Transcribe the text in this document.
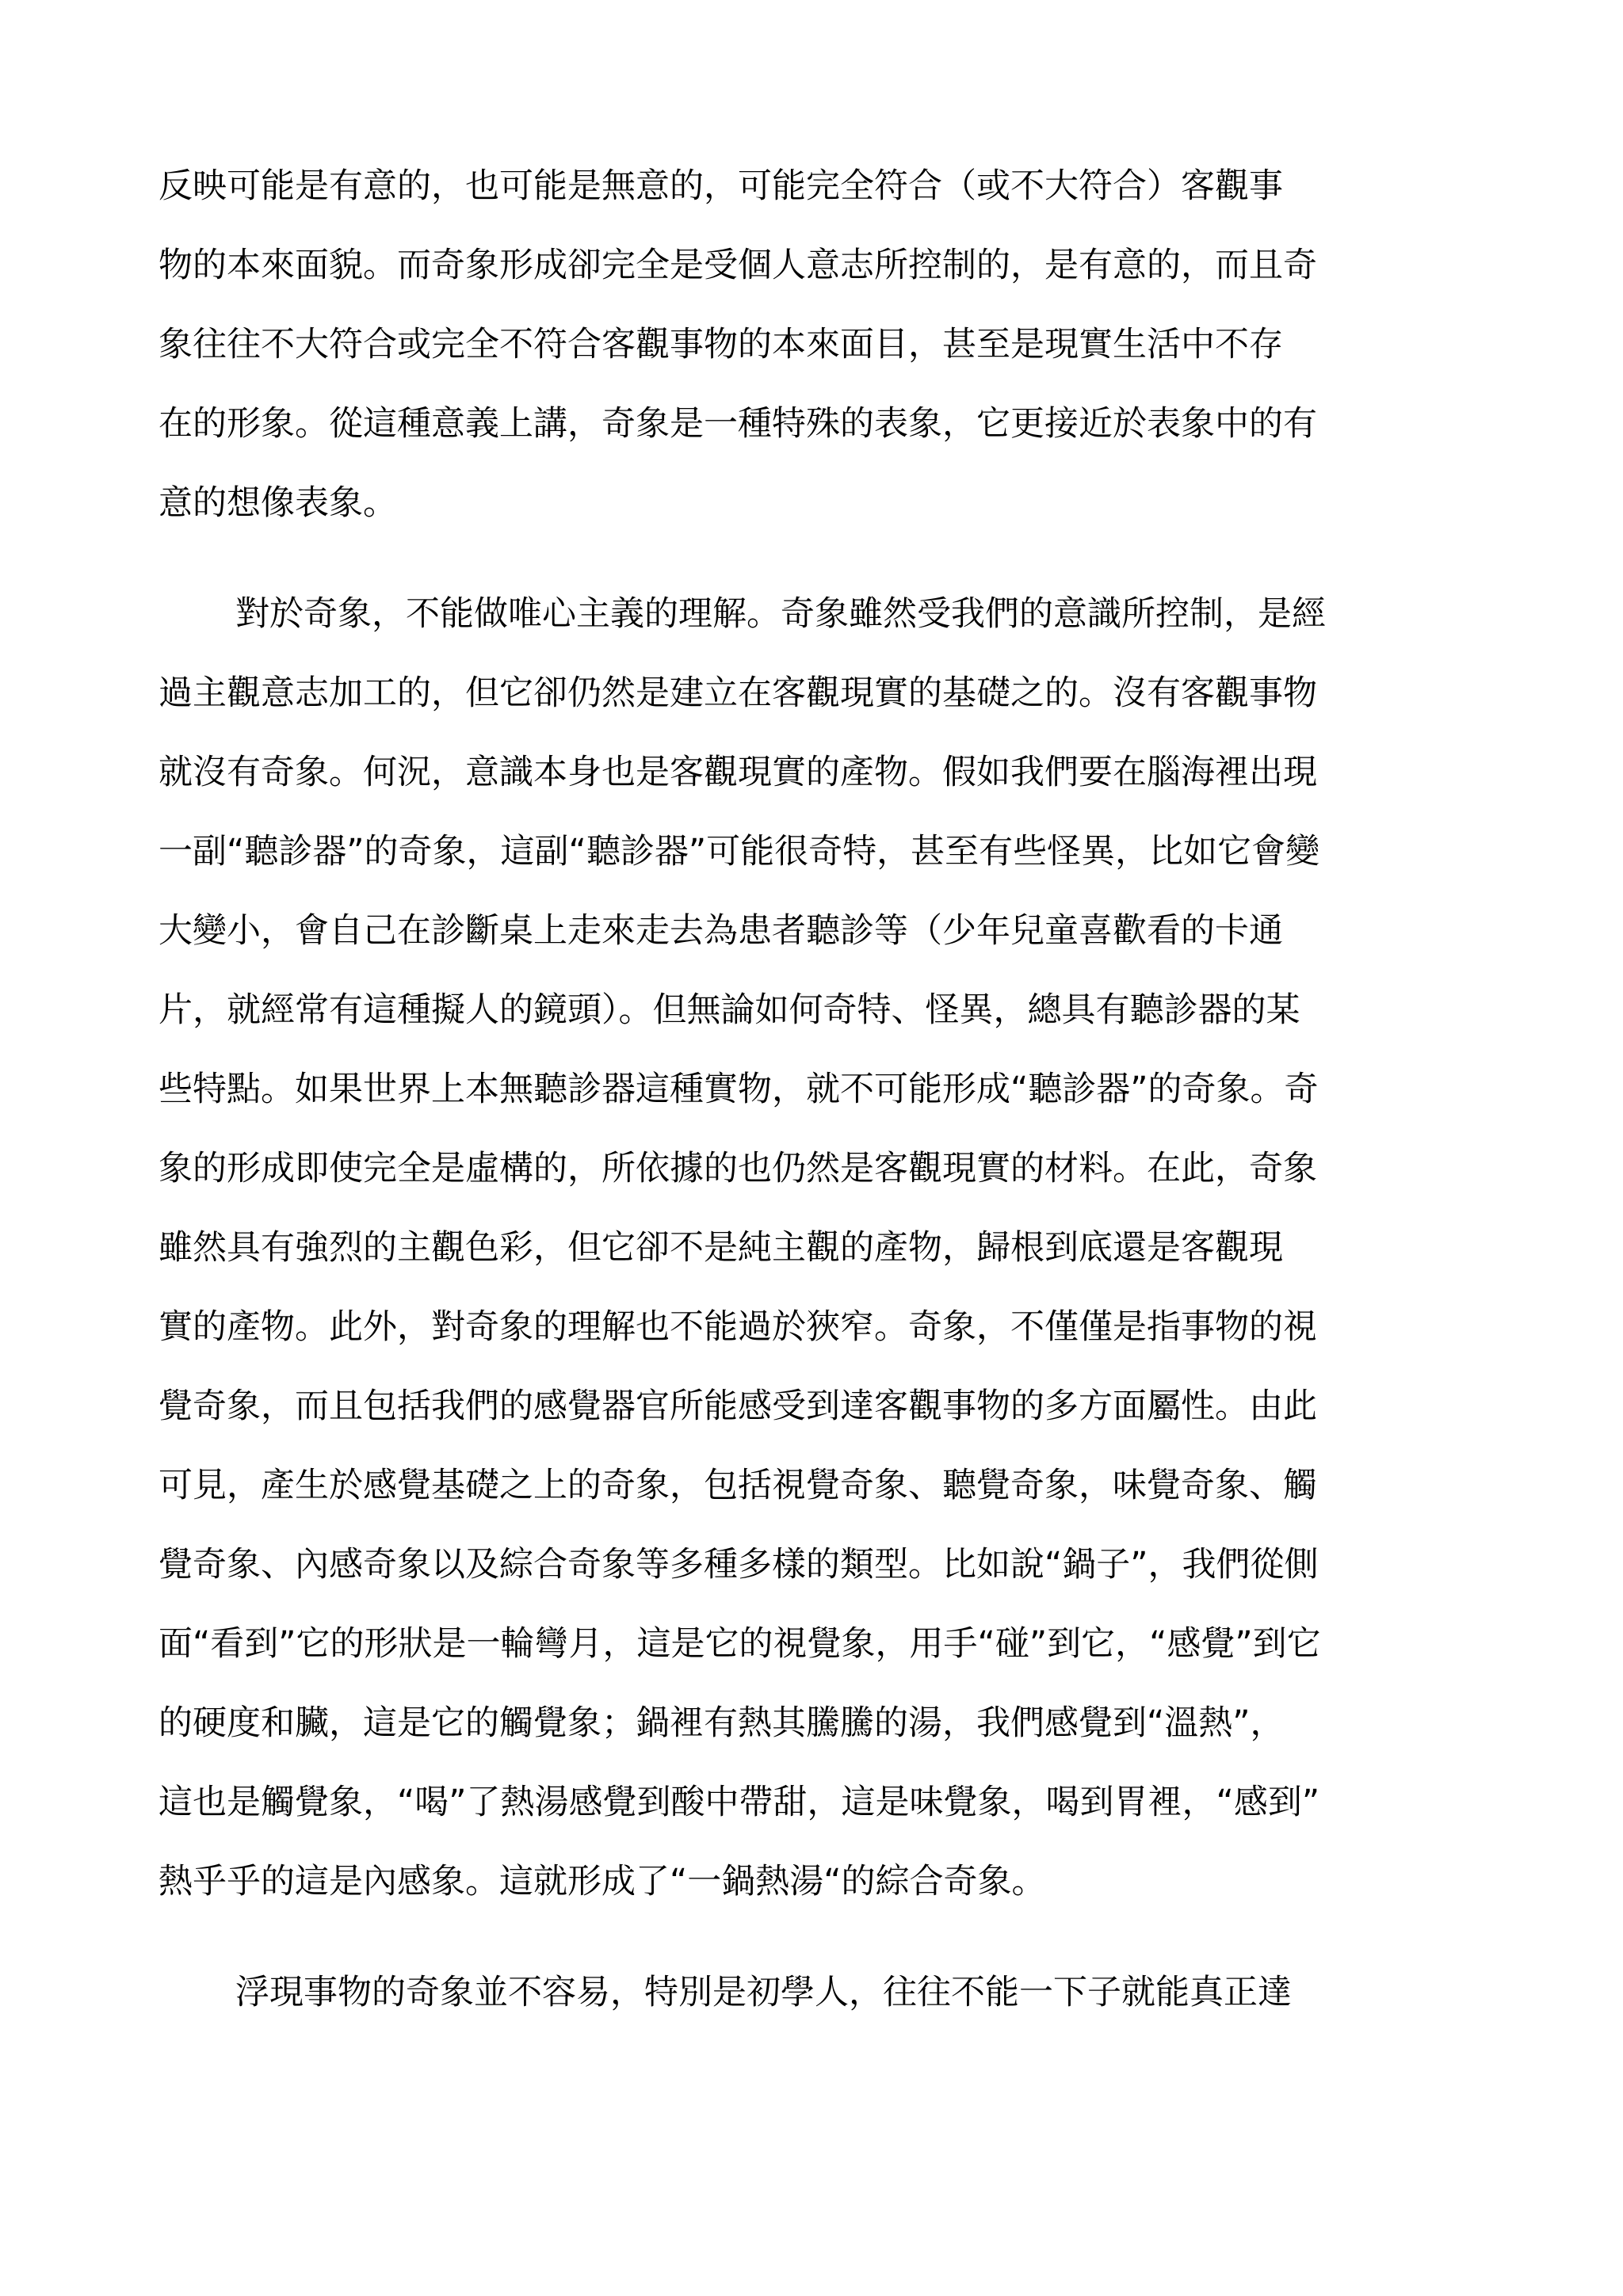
反映可能是有意的，也可能是無意的，可能完全符合（或不大符合）客觀事
物的本來面貌。而奇象形成卻完全是受個人意志所控制的，是有意的，而且奇
象往往不大符合或完全不符合客觀事物的本來面目，甚至是現實生活中不存
在的形象。從這種意義上講，奇象是一種特殊的表象，它更接近於表象中的有
意的想像表象。
對於奇象，不能做唯心主義的理解。奇象雖然受我們的意識所控制，是經
過主觀意志加工的，但它卻仍然是建立在客觀現實的基礎之的。沒有客觀事物
就沒有奇象。何況，意識本身也是客觀現實的產物。假如我們要在腦海裡出現
一副“聽診器”的奇象，這副“聽診器”可能很奇特，甚至有些怪異，比如它會變
大變小，會自己在診斷桌上走來走去為患者聽診等（少年兒童喜歡看的卡通
片，就經常有這種擬人的鏡頭）。但無論如何奇特、怪異，總具有聽診器的某
些特點。如果世界上本無聽診器這種實物，就不可能形成“聽診器”的奇象。奇
象的形成即使完全是虛構的，所依據的也仍然是客觀現實的材料。在此，奇象
雖然具有強烈的主觀色彩，但它卻不是純主觀的產物，歸根到底還是客觀現
實的產物。此外，對奇象的理解也不能過於狹窄。奇象，不僅僅是指事物的視
覺奇象，而且包括我們的感覺器官所能感受到達客觀事物的多方面屬性。由此
可見，產生於感覺基礎之上的奇象，包括視覺奇象、聽覺奇象，味覺奇象、觸
覺奇象、內感奇象以及綜合奇象等多種多樣的類型。比如說“鍋子”，我們從側
面“看到”它的形狀是一輪彎月，這是它的視覺象，用手“碰”到它，“感覺”到它
的硬度和臟，這是它的觸覺象；鍋裡有熱其騰騰的湯，我們感覺到“溫熱”，
這也是觸覺象，“喝”了熱湯感覺到酸中帶甜，這是味覺象，喝到胃裡，“感到”
熱乎乎的這是內感象。這就形成了“一鍋熱湯“的綜合奇象。
浮現事物的奇象並不容易，特別是初學人，往往不能一下子就能真正達
